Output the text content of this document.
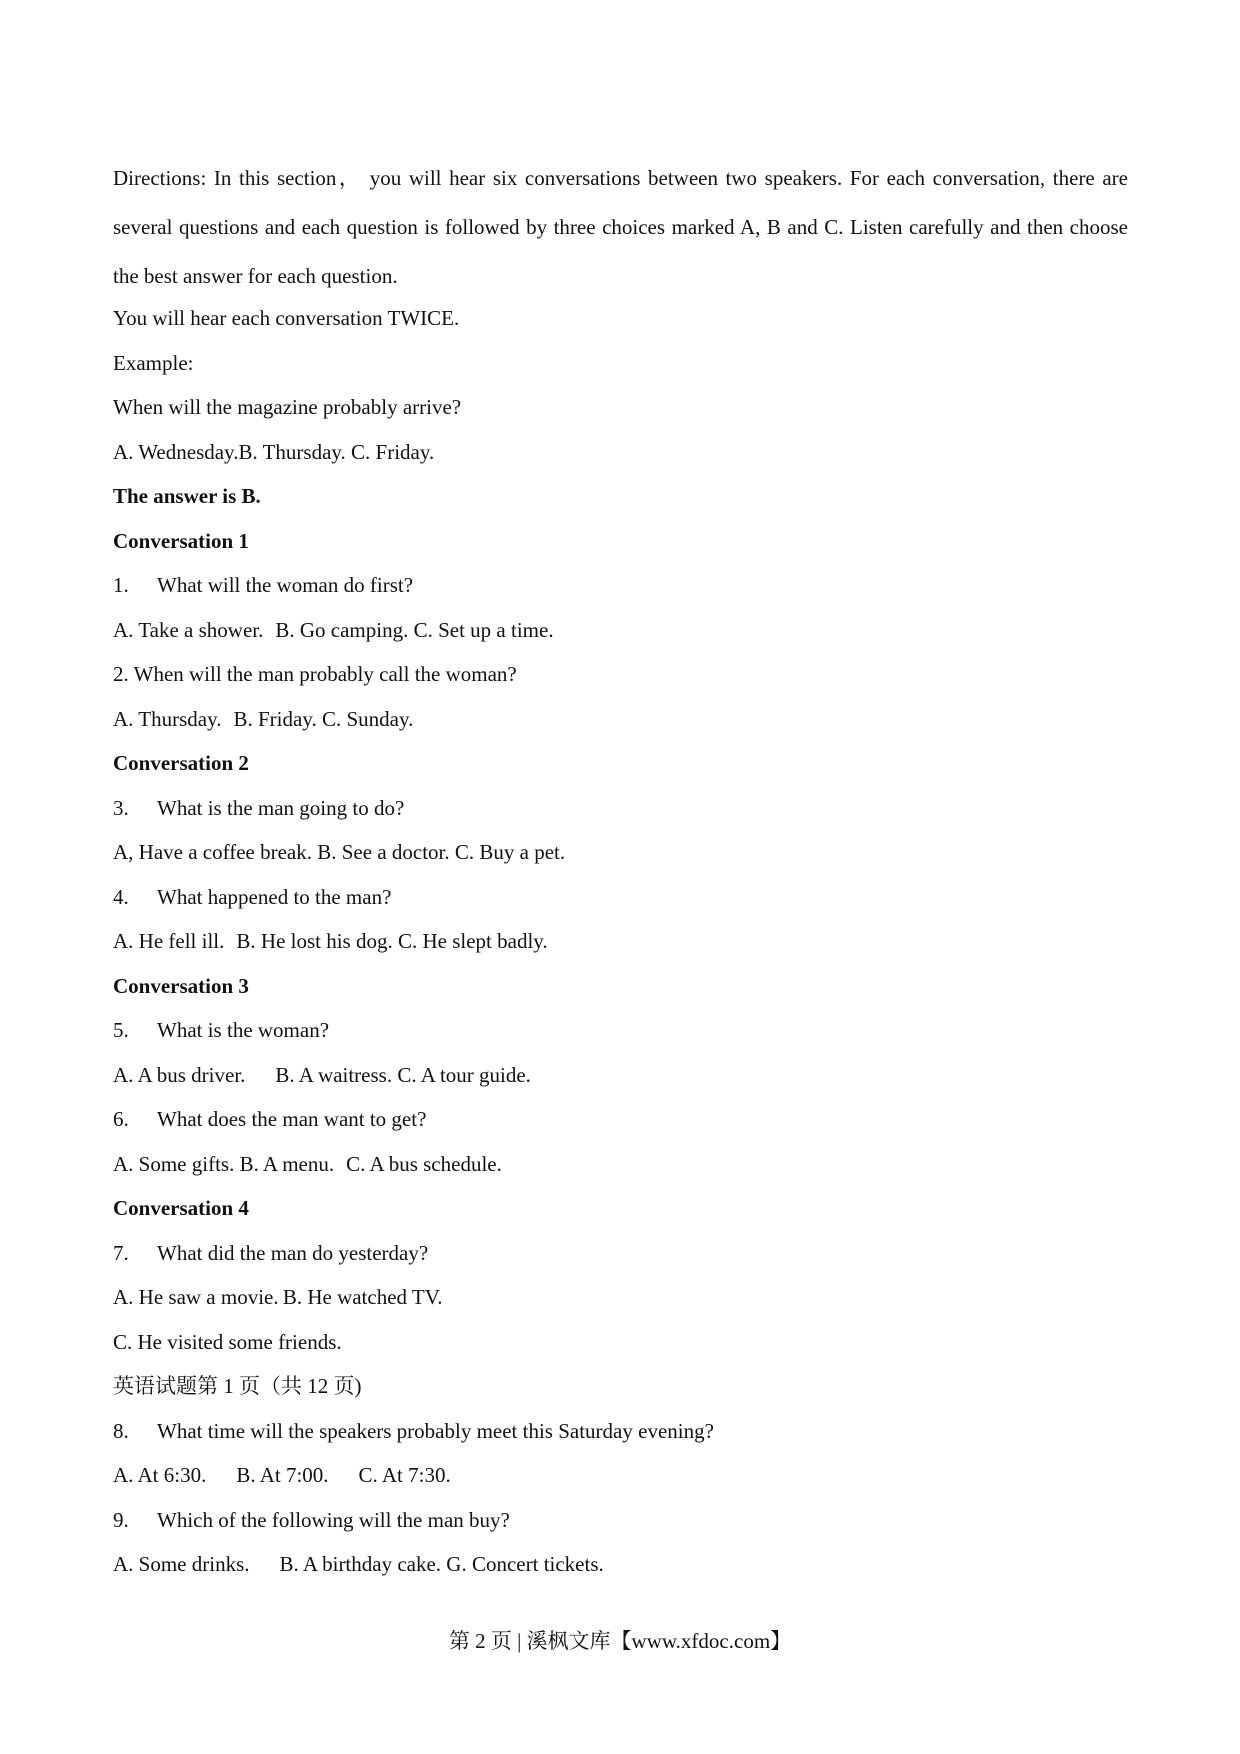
Directions: In this section， you will hear six conversations between two speakers. For each conversation, there are several questions and each question is followed by three choices marked A, B and C. Listen carefully and then choose the best answer for each question.

You will hear each conversation TWICE.

Example:

When will the magazine probably arrive?

A. Wednesday.B. Thursday. C. Friday.

The answer is B.

Conversation 1

1. What will the woman do first?

A. Take a shower. B. Go camping. C. Set up a time.

2. When will the man probably call the woman?

A. Thursday. B. Friday. C. Sunday.

Conversation 2

3. What is the man going to do?

A, Have a coffee break. B. See a doctor. C. Buy a pet.

4. What happened to the man?

A. He fell ill. B. He lost his dog. C. He slept badly.

Conversation 3

5. What is the woman?

A. A bus driver. B. A waitress. C. A tour guide.

6. What does the man want to get?

A. Some gifts. B. A menu. C. A bus schedule.

Conversation 4

7. What did the man do yesterday?

A. He saw a movie. B. He watched TV.

C. He visited some friends.

英语试题第 1 页（共 12 页)

8. What time will the speakers probably meet this Saturday evening?

A. At 6:30. B. At 7:00. C. At 7:30.

9. Which of the following will the man buy?

A. Some drinks. B. A birthday cake. G. Concert tickets.

第 2 页 | 溪枫文库【www.xfdoc.com】
